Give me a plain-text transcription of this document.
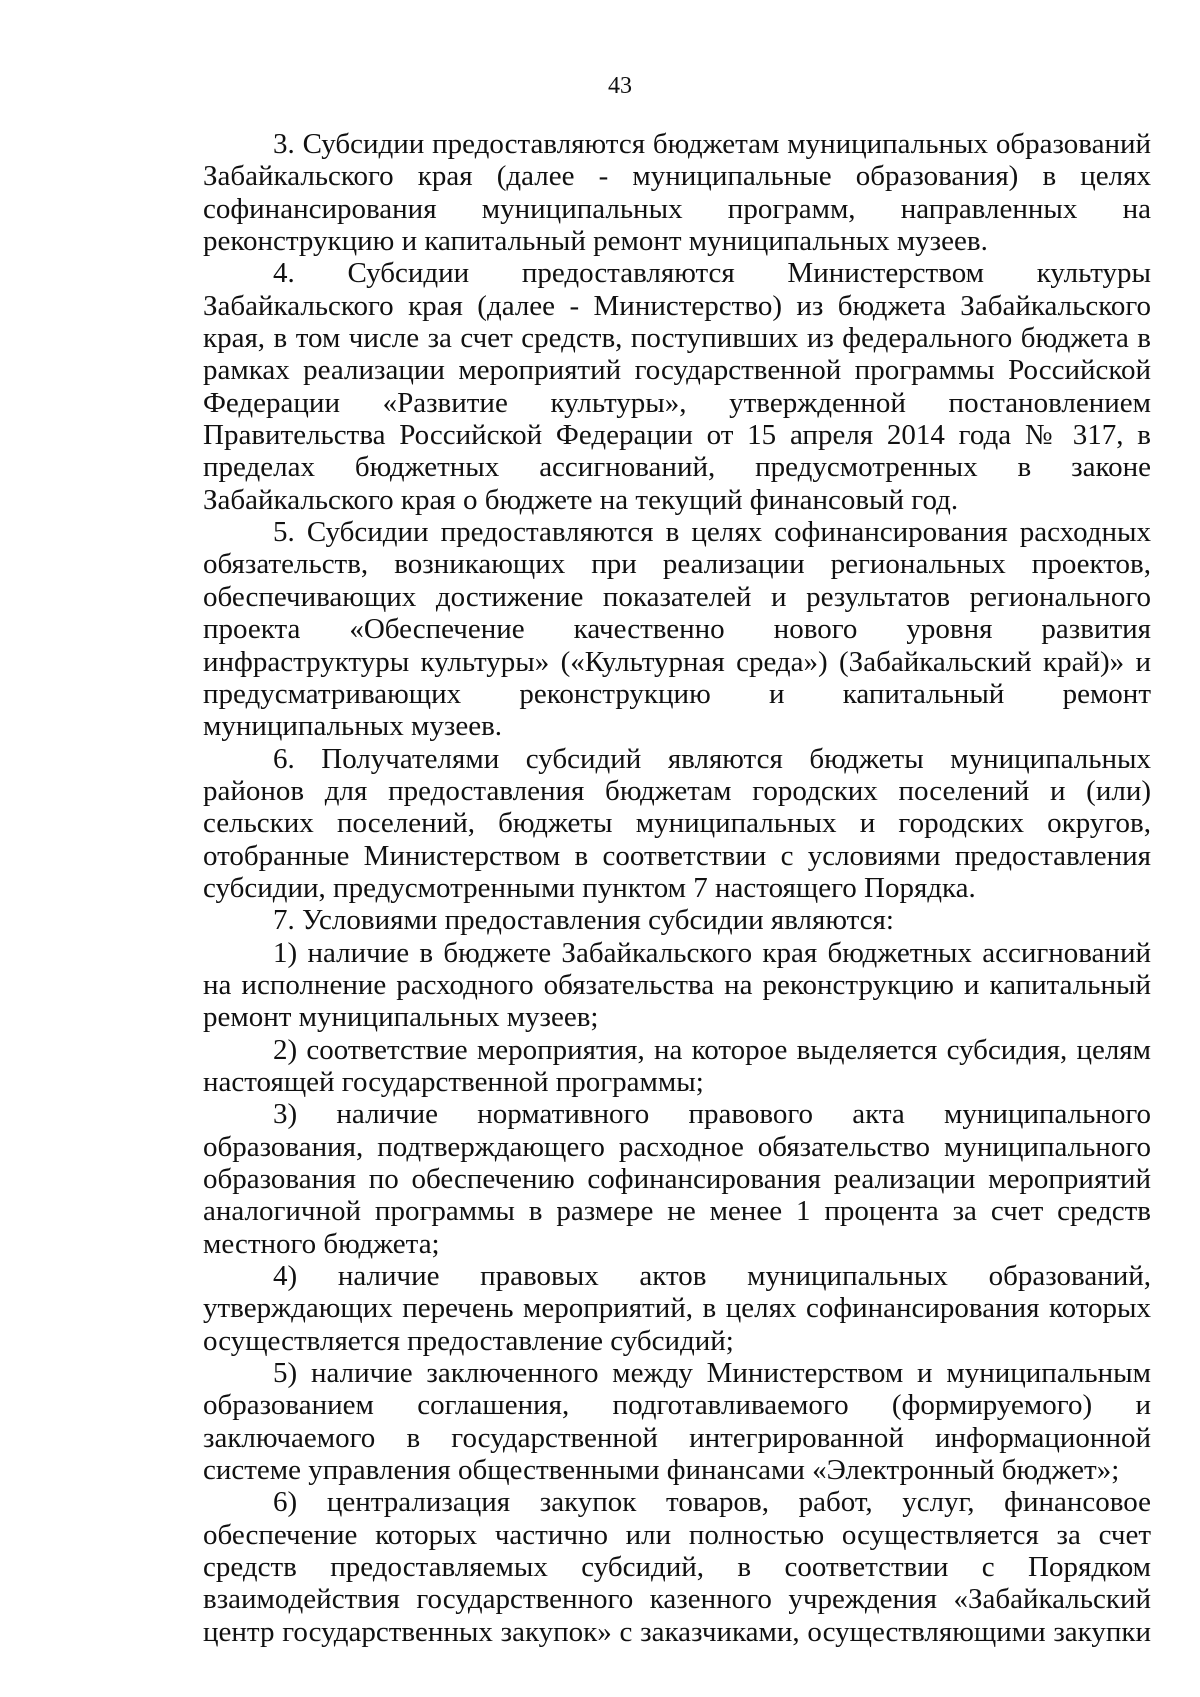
43

3. Субсидии предоставляются бюджетам муниципальных образований Забайкальского края (далее - муниципальные образования) в целях софинансирования муниципальных программ, направленных на реконструкцию и капитальный ремонт муниципальных музеев.

4. Субсидии предоставляются Министерством культуры Забайкальского края (далее - Министерство) из бюджета Забайкальского края, в том числе за счет средств, поступивших из федерального бюджета в рамках реализации мероприятий государственной программы Российской Федерации «Развитие культуры», утвержденной постановлением Правительства Российской Федерации от 15 апреля 2014 года № 317, в пределах бюджетных ассигнований, предусмотренных в законе Забайкальского края о бюджете на текущий финансовый год.

5. Субсидии предоставляются в целях софинансирования расходных обязательств, возникающих при реализации региональных проектов, обеспечивающих достижение показателей и результатов регионального проекта «Обеспечение качественно нового уровня развития инфраструктуры культуры» («Культурная среда») (Забайкальский край)» и предусматривающих реконструкцию и капитальный ремонт муниципальных музеев.

6. Получателями субсидий являются бюджеты муниципальных районов для предоставления бюджетам городских поселений и (или) сельских поселений, бюджеты муниципальных и городских округов, отобранные Министерством в соответствии с условиями предоставления субсидии, предусмотренными пунктом 7 настоящего Порядка.

7. Условиями предоставления субсидии являются:

1) наличие в бюджете Забайкальского края бюджетных ассигнований на исполнение расходного обязательства на реконструкцию и капитальный ремонт муниципальных музеев;

2) соответствие мероприятия, на которое выделяется субсидия, целям настоящей государственной программы;

3) наличие нормативного правового акта муниципального образования, подтверждающего расходное обязательство муниципального образования по обеспечению софинансирования реализации мероприятий аналогичной программы в размере не менее 1 процента за счет средств местного бюджета;

4) наличие правовых актов муниципальных образований, утверждающих перечень мероприятий, в целях софинансирования которых осуществляется предоставление субсидий;

5) наличие заключенного между Министерством и муниципальным образованием соглашения, подготавливаемого (формируемого) и заключаемого в государственной интегрированной информационной системе управления общественными финансами «Электронный бюджет»;

6) централизация закупок товаров, работ, услуг, финансовое обеспечение которых частично или полностью осуществляется за счет средств предоставляемых субсидий, в соответствии с Порядком взаимодействия государственного казенного учреждения «Забайкальский центр государственных закупок» с заказчиками, осуществляющими закупки
